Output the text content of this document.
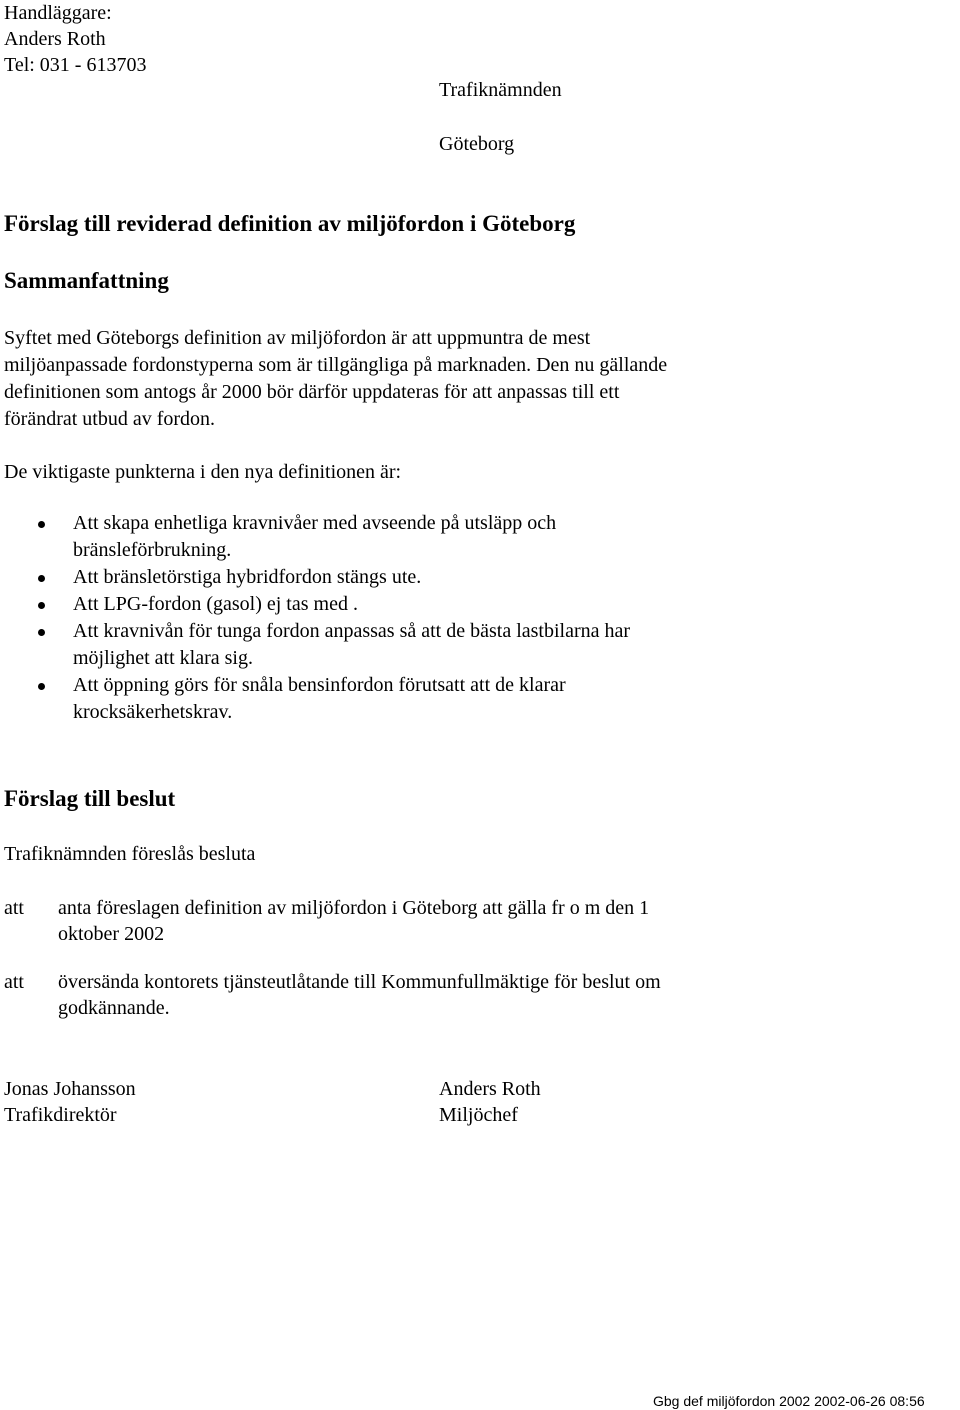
Handläggare:
Anders Roth
Tel: 031 - 613703
Trafiknämnden
Göteborg
Förslag till reviderad definition av miljöfordon i Göteborg
Sammanfattning
Syftet med Göteborgs definition av miljöfordon är att uppmuntra de mest
miljöanpassade fordonstyperna som är tillgängliga på marknaden. Den nu gällande
definitionen som antogs år 2000 bör därför uppdateras för att anpassas till ett
förändrat utbud av fordon.
De viktigaste punkterna i den nya definitionen är:
Att skapa enhetliga kravnivåer med avseende på utsläpp och
bränsleförbrukning.
Att bränsletörstiga hybridfordon stängs ute.
Att LPG-fordon (gasol) ej tas med .
Att kravnivån för tunga fordon anpassas så att de bästa lastbilarna har
möjlighet att klara sig.
Att öppning görs för snåla bensinfordon förutsatt att de klarar
krocksäkerhetskrav.
Förslag till beslut
Trafiknämnden föreslås besluta
att anta föreslagen definition av miljöfordon i Göteborg att gälla fr o m den 1
oktober 2002
att översända kontorets tjänsteutlåtande till Kommunfullmäktige för beslut om
godkännande.
Jonas Johansson
Trafikdirektör
Anders Roth
Miljöchef
Gbg def miljöfordon 2002 2002-06-26 08:56
